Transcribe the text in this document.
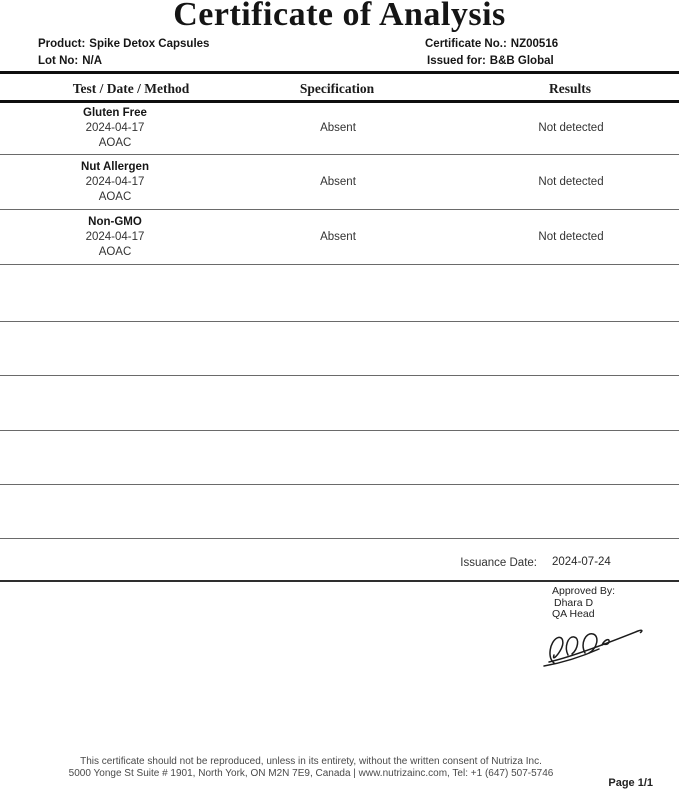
Certificate of Analysis
Product: Spike Detox Capsules
Lot No: N/A
Certificate No.: NZ00516
Issued for: B&B Global
Test / Date / Method	Specification	Results
Gluten Free
2024-04-17
AOAC
Absent	Not detected
Nut Allergen
2024-04-17
AOAC
Absent	Not detected
Non-GMO
2024-04-17
AOAC
Absent	Not detected
Issuance Date: 2024-07-24
Approved By:
Dhara D
QA Head
This certificate should not be reproduced, unless in its entirety, without the written consent of Nutriza Inc.
5000 Yonge St Suite # 1901, North York, ON M2N 7E9, Canada | www.nutrizainc.com, Tel: +1 (647) 507-5746
Page 1/1
